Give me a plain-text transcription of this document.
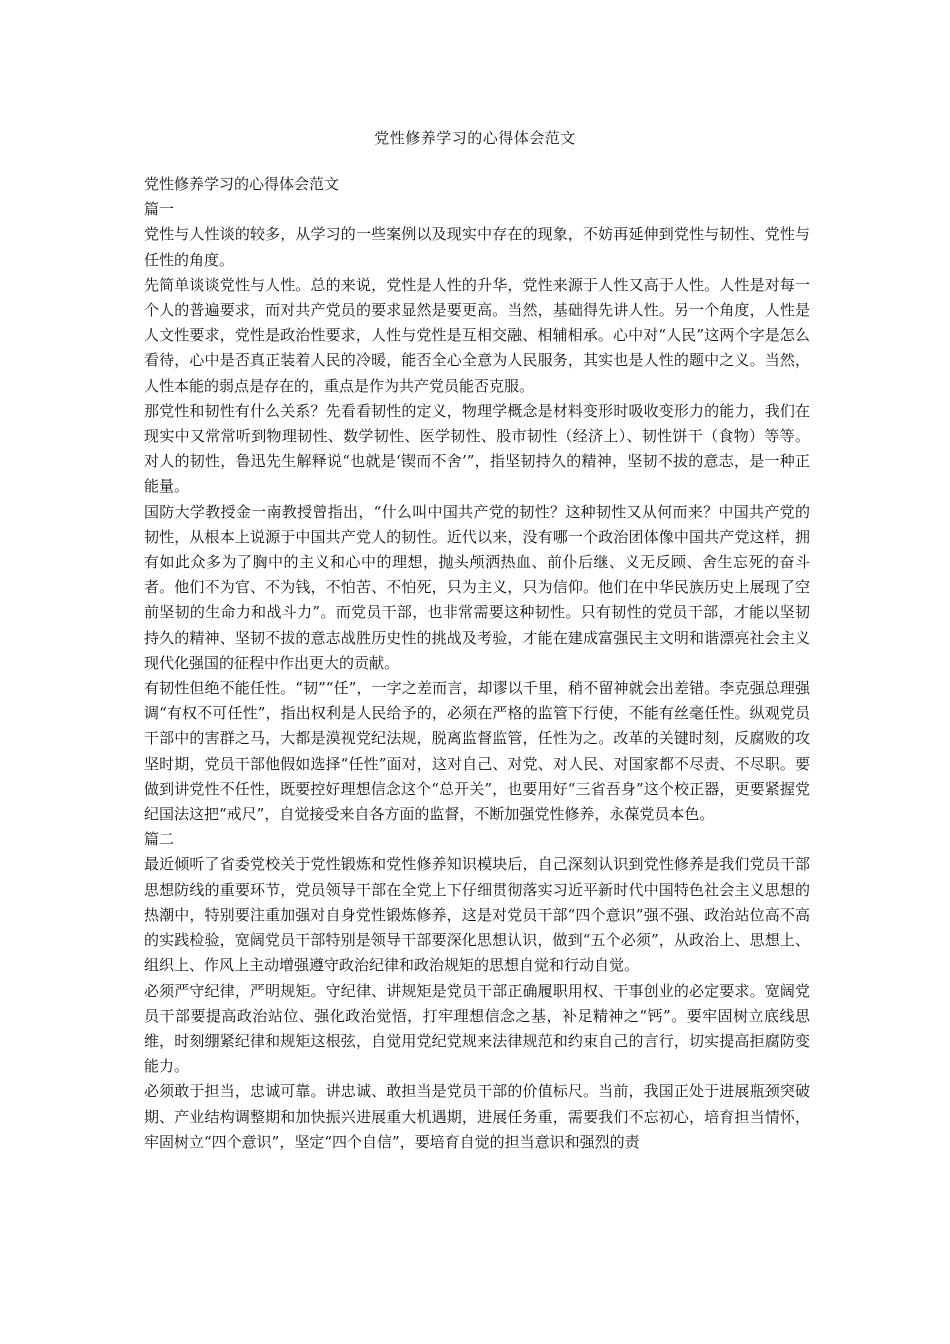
党性修养学习的心得体会范文

党性修养学习的心得体会范文

篇一

党性与人性谈的较多，从学习的一些案例以及现实中存在的现象，不妨再延伸到党性与韧性、党性与任性的角度。

先简单谈谈党性与人性。总的来说，党性是人性的升华，党性来源于人性又高于人性。人性是对每一个人的普遍要求，而对共产党员的要求显然是要更高。当然，基础得先讲人性。另一个角度，人性是人文性要求，党性是政治性要求，人性与党性是互相交融、相辅相承。心中对“人民”这两个字是怎么看待，心中是否真正装着人民的冷暖，能否全心全意为人民服务，其实也是人性的题中之义。当然，人性本能的弱点是存在的，重点是作为共产党员能否克服。

那党性和韧性有什么关系？先看看韧性的定义，物理学概念是材料变形时吸收变形力的能力，我们在现实中又常常听到物理韧性、数学韧性、医学韧性、股市韧性（经济上）、韧性饼干（食物）等等。对人的韧性，鲁迅先生解释说“也就是‘锲而不舍’”，指坚韧持久的精神，坚韧不拔的意志，是一种正能量。

国防大学教授金一南教授曾指出，“什么叫中国共产党的韧性？这种韧性又从何而来？中国共产党的韧性，从根本上说源于中国共产党人的韧性。近代以来，没有哪一个政治团体像中国共产党这样，拥有如此众多为了胸中的主义和心中的理想，抛头颅洒热血、前仆后继、义无反顾、舍生忘死的奋斗者。他们不为官、不为钱，不怕苦、不怕死，只为主义，只为信仰。他们在中华民族历史上展现了空前坚韧的生命力和战斗力”。而党员干部，也非常需要这种韧性。只有韧性的党员干部，才能以坚韧持久的精神、坚韧不拔的意志战胜历史性的挑战及考验，才能在建成富强民主文明和谐漂亮社会主义现代化强国的征程中作出更大的贡献。

有韧性但绝不能任性。“韧”“任”，一字之差而言，却谬以千里，稍不留神就会出差错。李克强总理强调“有权不可任性”，指出权利是人民给予的，必须在严格的监管下行使，不能有丝毫任性。纵观党员干部中的害群之马，大都是漠视党纪法规，脱离监督监管，任性为之。改革的关键时刻，反腐败的攻坚时期，党员干部他假如选择“任性”面对，这对自己、对党、对人民、对国家都不尽责、不尽职。要做到讲党性不任性，既要控好理想信念这个“总开关”，也要用好“三省吾身”这个校正器，更要紧握党纪国法这把“戒尺”，自觉接受来自各方面的监督，不断加强党性修养，永葆党员本色。

篇二

最近倾听了省委党校关于党性锻炼和党性修养知识模块后，自己深刻认识到党性修养是我们党员干部思想防线的重要环节，党员领导干部在全党上下仔细贯彻落实习近平新时代中国特色社会主义思想的热潮中，特别要注重加强对自身党性锻炼修养，这是对党员干部“四个意识”强不强、政治站位高不高的实践检验，宽阔党员干部特别是领导干部要深化思想认识，做到“五个必须”，从政治上、思想上、组织上、作风上主动增强遵守政治纪律和政治规矩的思想自觉和行动自觉。

必须严守纪律，严明规矩。守纪律、讲规矩是党员干部正确履职用权、干事创业的必定要求。宽阔党员干部要提高政治站位、强化政治觉悟，打牢理想信念之基，补足精神之“钙”。要牢固树立底线思维，时刻绷紧纪律和规矩这根弦，自觉用党纪党规来法律规范和约束自己的言行，切实提高拒腐防变能力。

必须敢于担当，忠诚可靠。讲忠诚、敢担当是党员干部的价值标尺。当前，我国正处于进展瓶颈突破期、产业结构调整期和加快振兴进展重大机遇期，进展任务重，需要我们不忘初心，培育担当情怀，牢固树立“四个意识”，坚定“四个自信”，要培育自觉的担当意识和强烈的责
